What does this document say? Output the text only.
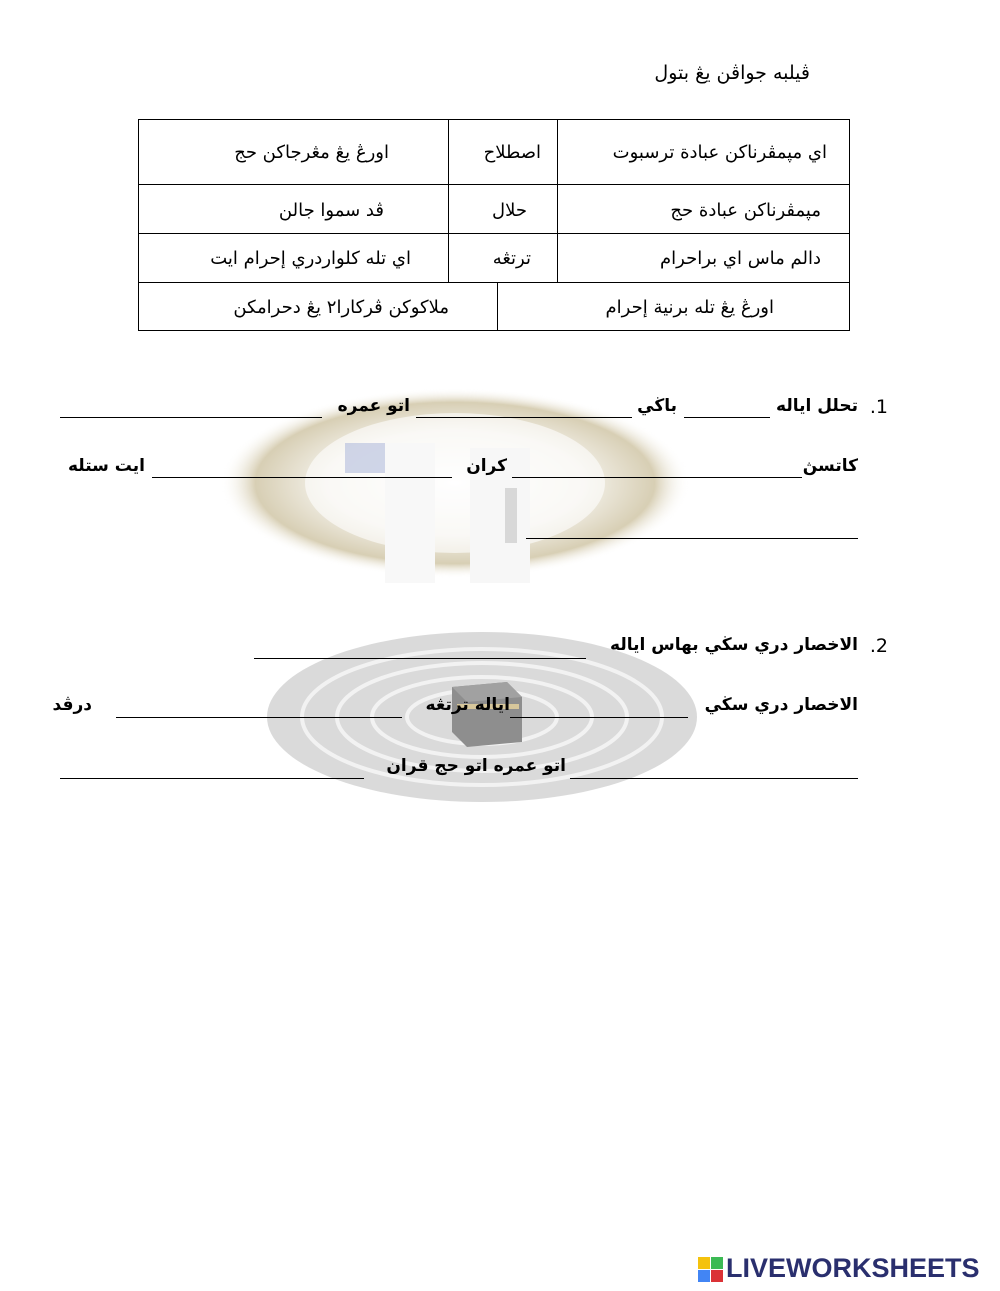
ڤيلبه جواڤن يڠ بتول
اي مپمڤرناکن عبادة ترسبوت
اصطلاح
اورڠ يڠ مڠرجاکن حج
مپمڤرناکن عبادة حج
حلال
ڤد سموا جالن
دالم ماس اي براحرام
ترتڠه
اي تله کلواردري إحرام ايت
اورڠ يڠ تله برنية إحرام
ملاکوکن ڤرکارا٢ يڠ دحرامکن
1.
تحلل اياله
باڬي
اتو عمره
كاتسڽ
كران
ايت ستله
2.
الاخصار دري سڬي بهاس اياله
الاخصار دري سڬي
اياله ترتڠه
درڤد
اتو عمره اتو حج قران
LIVEWORKSHEETS
